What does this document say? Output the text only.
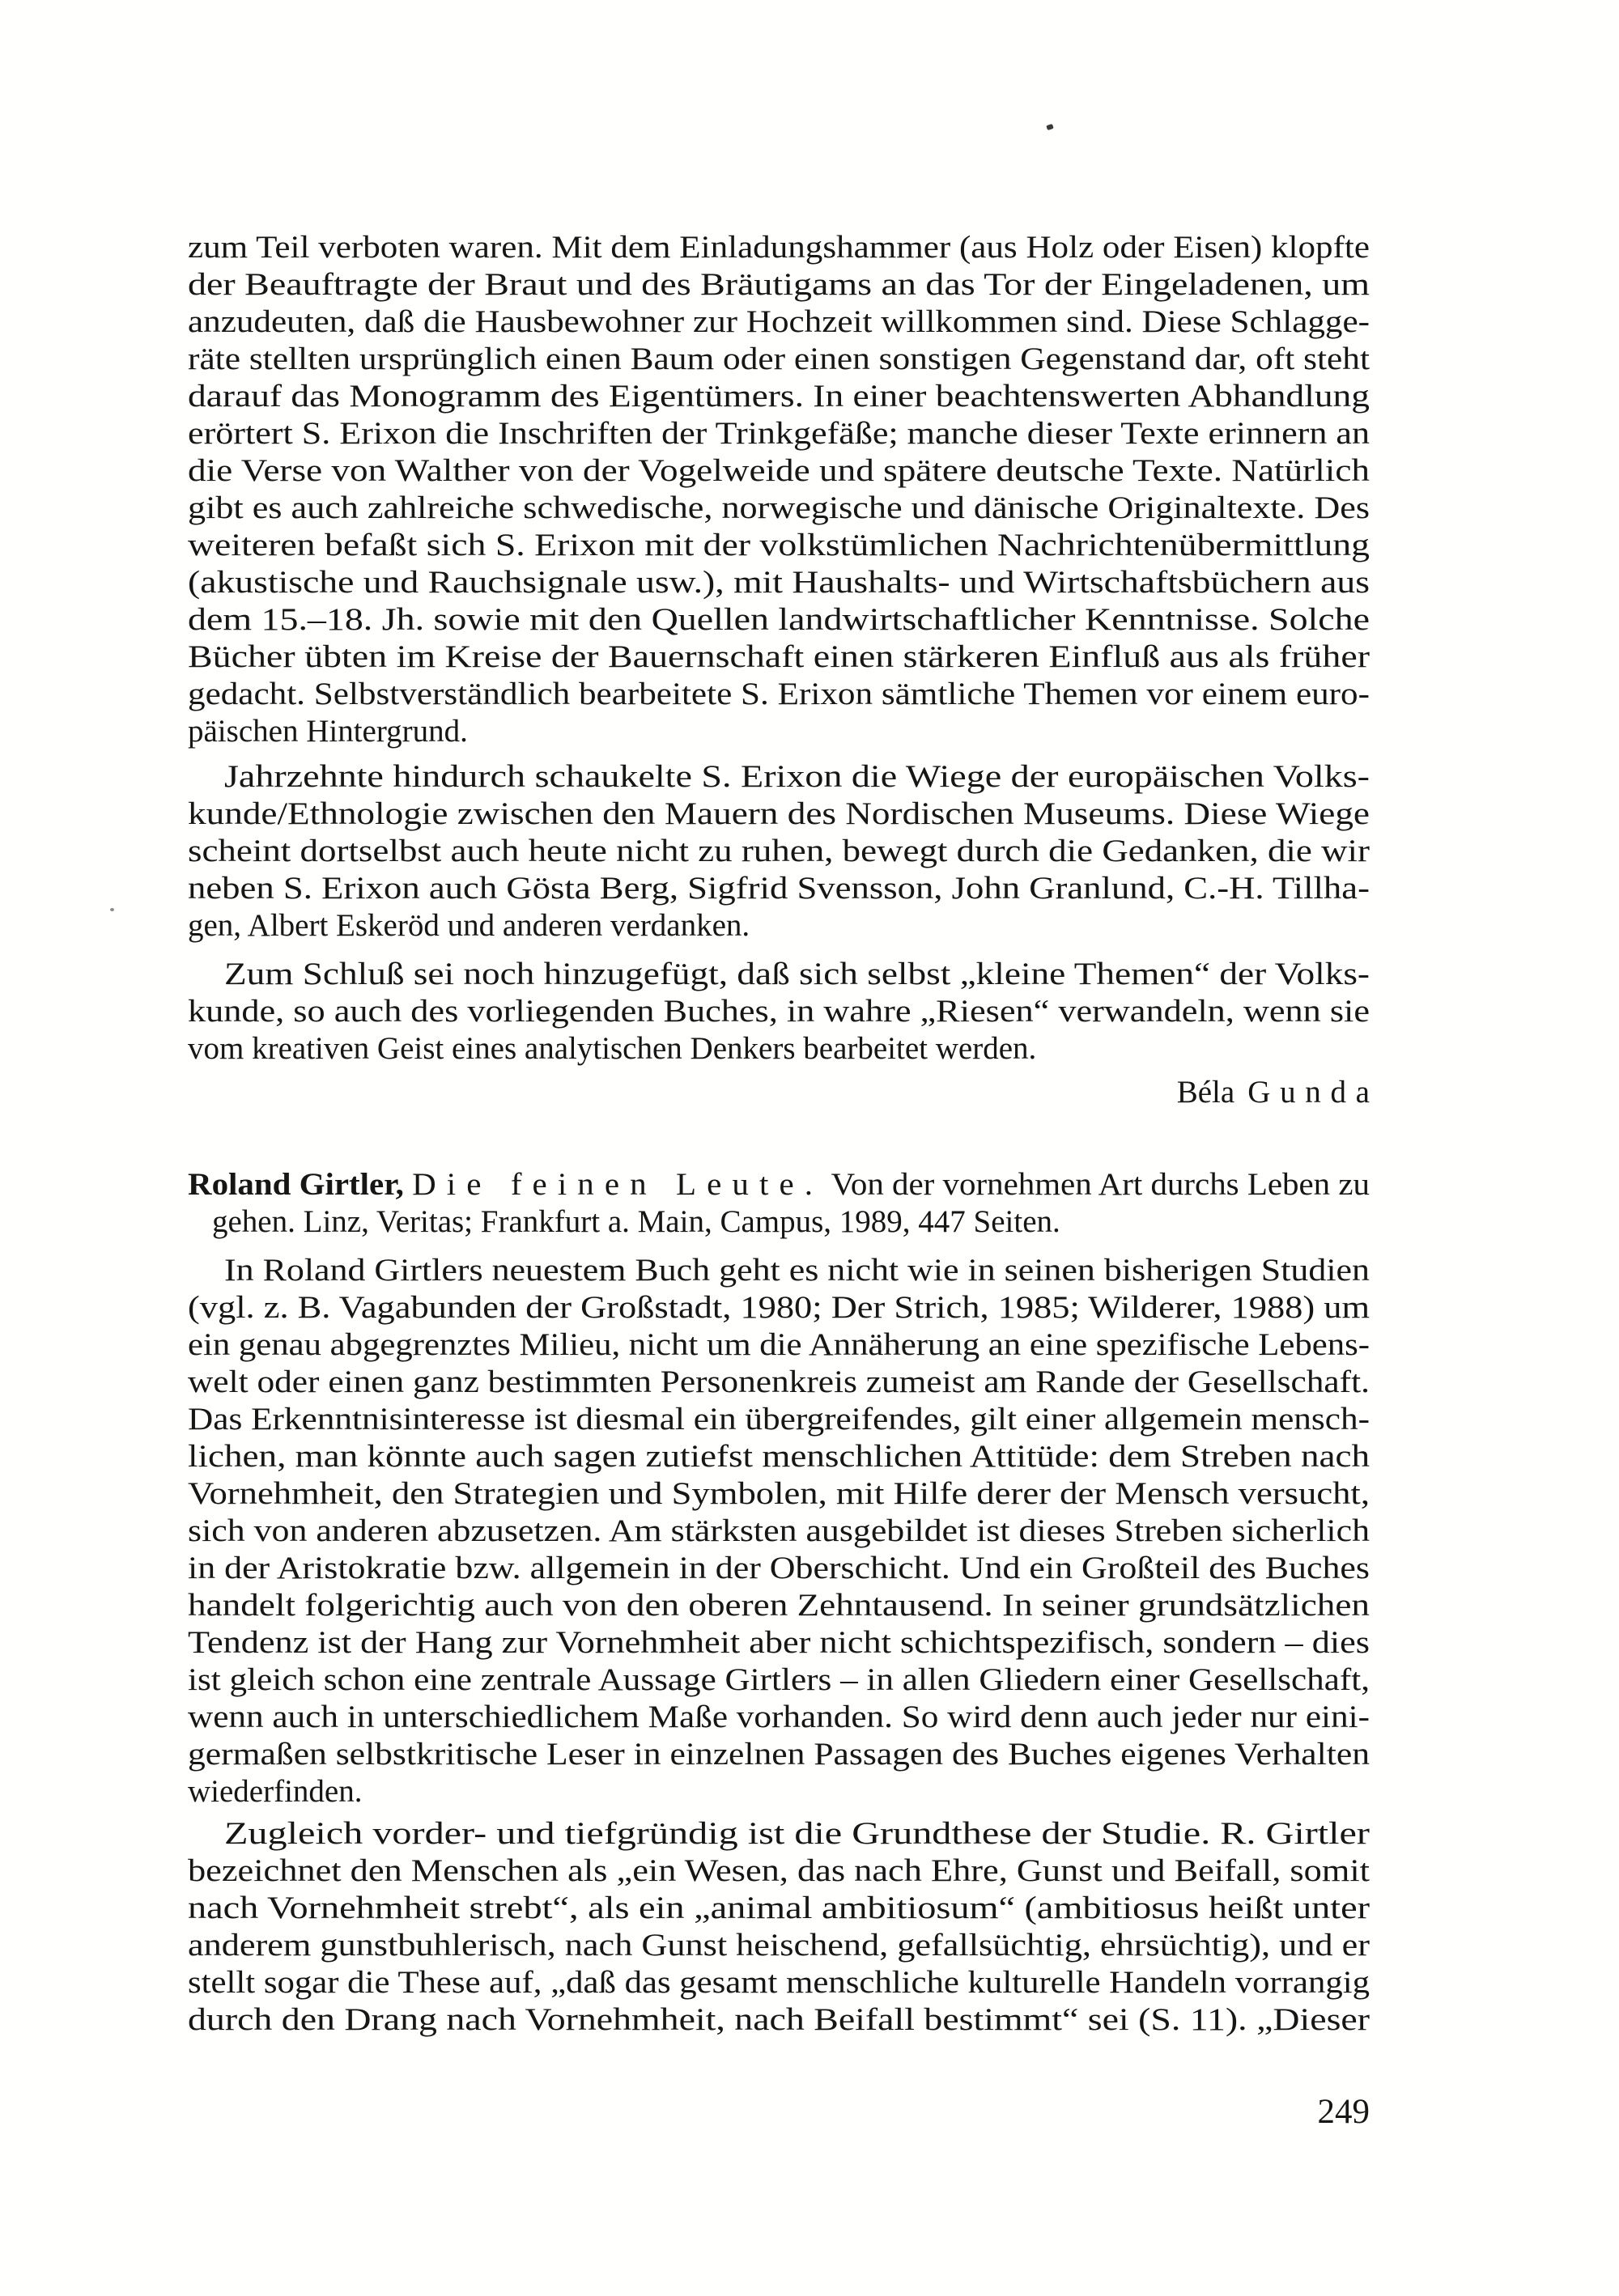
zum Teil verboten waren. Mit dem Einladungshammer (aus Holz oder Eisen) klopfte
der Beauftragte der Braut und des Bräutigams an das Tor der Eingeladenen, um
anzudeuten, daß die Hausbewohner zur Hochzeit willkommen sind. Diese Schlagge-
räte stellten ursprünglich einen Baum oder einen sonstigen Gegenstand dar, oft steht
darauf das Monogramm des Eigentümers. In einer beachtenswerten Abhandlung
erörtert S. Erixon die Inschriften der Trinkgefäße; manche dieser Texte erinnern an
die Verse von Walther von der Vogelweide und spätere deutsche Texte. Natürlich
gibt es auch zahlreiche schwedische, norwegische und dänische Originaltexte. Des
weiteren befaßt sich S. Erixon mit der volkstümlichen Nachrichtenübermittlung
(akustische und Rauchsignale usw.), mit Haushalts- und Wirtschaftsbüchern aus
dem 15.–18. Jh. sowie mit den Quellen landwirtschaftlicher Kenntnisse. Solche
Bücher übten im Kreise der Bauernschaft einen stärkeren Einfluß aus als früher
gedacht. Selbstverständlich bearbeitete S. Erixon sämtliche Themen vor einem euro-
päischen Hintergrund.
Jahrzehnte hindurch schaukelte S. Erixon die Wiege der europäischen Volks-
kunde/Ethnologie zwischen den Mauern des Nordischen Museums. Diese Wiege
scheint dortselbst auch heute nicht zu ruhen, bewegt durch die Gedanken, die wir
neben S. Erixon auch Gösta Berg, Sigfrid Svensson, John Granlund, C.-H. Tillha-
gen, Albert Eskeröd und anderen verdanken.
Zum Schluß sei noch hinzugefügt, daß sich selbst „kleine Themen“ der Volks-
kunde, so auch des vorliegenden Buches, in wahre „Riesen“ verwandeln, wenn sie
vom kreativen Geist eines analytischen Denkers bearbeitet werden.
Béla Gunda
Roland Girtler, Die feinen Leute. Von der vornehmen Art durchs Leben zu
gehen. Linz, Veritas; Frankfurt a. Main, Campus, 1989, 447 Seiten.
In Roland Girtlers neuestem Buch geht es nicht wie in seinen bisherigen Studien
(vgl. z. B. Vagabunden der Großstadt, 1980; Der Strich, 1985; Wilderer, 1988) um
ein genau abgegrenztes Milieu, nicht um die Annäherung an eine spezifische Lebens-
welt oder einen ganz bestimmten Personenkreis zumeist am Rande der Gesellschaft.
Das Erkenntnisinteresse ist diesmal ein übergreifendes, gilt einer allgemein mensch-
lichen, man könnte auch sagen zutiefst menschlichen Attitüde: dem Streben nach
Vornehmheit, den Strategien und Symbolen, mit Hilfe derer der Mensch versucht,
sich von anderen abzusetzen. Am stärksten ausgebildet ist dieses Streben sicherlich
in der Aristokratie bzw. allgemein in der Oberschicht. Und ein Großteil des Buches
handelt folgerichtig auch von den oberen Zehntausend. In seiner grundsätzlichen
Tendenz ist der Hang zur Vornehmheit aber nicht schichtspezifisch, sondern – dies
ist gleich schon eine zentrale Aussage Girtlers – in allen Gliedern einer Gesellschaft,
wenn auch in unterschiedlichem Maße vorhanden. So wird denn auch jeder nur eini-
germaßen selbstkritische Leser in einzelnen Passagen des Buches eigenes Verhalten
wiederfinden.
Zugleich vorder- und tiefgründig ist die Grundthese der Studie. R. Girtler
bezeichnet den Menschen als „ein Wesen, das nach Ehre, Gunst und Beifall, somit
nach Vornehmheit strebt“, als ein „animal ambitiosum“ (ambitiosus heißt unter
anderem gunstbuhlerisch, nach Gunst heischend, gefallsüchtig, ehrsüchtig), und er
stellt sogar die These auf, „daß das gesamt menschliche kulturelle Handeln vorrangig
durch den Drang nach Vornehmheit, nach Beifall bestimmt“ sei (S. 11). „Dieser
249
